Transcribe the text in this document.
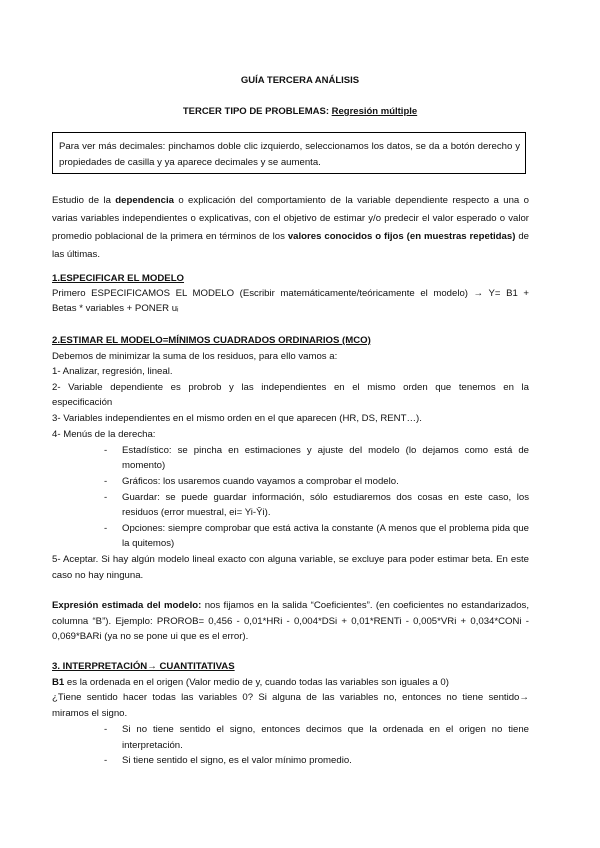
GUÍA TERCERA ANÁLISIS
TERCER TIPO DE PROBLEMAS: Regresión múltiple
Para ver más decimales: pinchamos doble clic izquierdo, seleccionamos los datos, se da a botón derecho y propiedades de casilla y ya aparece decimales y se aumenta.
Estudio de la dependencia o explicación del comportamiento de la variable dependiente respecto a una o varias variables independientes o explicativas, con el objetivo de estimar y/o predecir el valor esperado o valor promedio poblacional de la primera en términos de los valores conocidos o fijos (en muestras repetidas) de las últimas.
1.ESPECIFICAR EL MODELO
Primero ESPECIFICAMOS EL MODELO (Escribir matemáticamente/teóricamente el modelo) → Y= B1 +
Betas * variables + PONER uᵢ
2.ESTIMAR EL MODELO=MÍNIMOS CUADRADOS ORDINARIOS (MCO)
Debemos de minimizar la suma de los residuos, para ello vamos a:
1- Analizar, regresión, lineal.
2- Variable dependiente es probrob y las independientes en el mismo orden que tenemos en la
especificación
3- Variables independientes en el mismo orden en el que aparecen (HR, DS, RENT…).
4- Menús de la derecha:
- Estadístico: se pincha en estimaciones y ajuste del modelo (lo dejamos como está de momento)
- Gráficos: los usaremos cuando vayamos a comprobar el modelo.
- Guardar: se puede guardar información, sólo estudiaremos dos cosas en este caso, los residuos (error muestral, ei= Yi-Ŷi).
- Opciones: siempre comprobar que está activa la constante (A menos que el problema pida que la quitemos)
5- Aceptar. Si hay algún modelo lineal exacto con alguna variable, se excluye para poder estimar beta. En este caso no hay ninguna.
Expresión estimada del modelo: nos fijamos en la salida “Coeficientes”. (en coeficientes no estandarizados, columna “B”). Ejemplo: PROROB= 0,456 - 0,01*HRi - 0,004*DSi + 0,01*RENTi - 0,005*VRi + 0,034*CONi - 0,069*BARi (ya no se pone ui que es el error).
3. INTERPRETACIÓN→ CUANTITATIVAS
B1 es la ordenada en el origen (Valor medio de y, cuando todas las variables son iguales a 0)
¿Tiene sentido hacer todas las variables 0? Si alguna de las variables no, entonces no tiene sentido→
miramos el signo.
- Si no tiene sentido el signo, entonces decimos que la ordenada en el origen no tiene interpretación.
- Si tiene sentido el signo, es el valor mínimo promedio.
